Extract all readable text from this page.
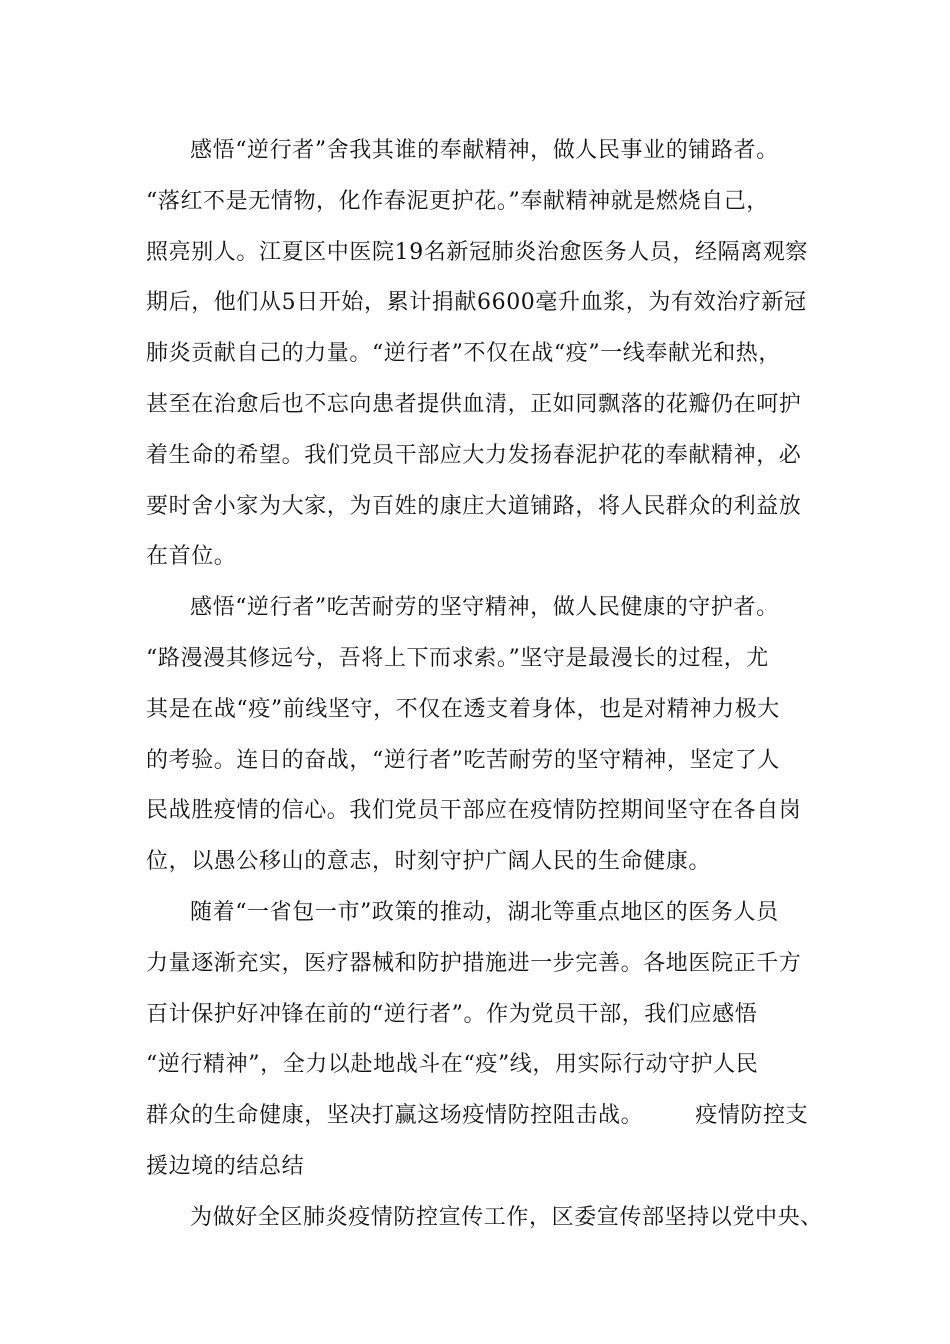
感悟“逆行者”舍我其谁的奉献精神，做人民事业的铺路者。
“落红不是无情物，化作春泥更护花。”奉献精神就是燃烧自己，
照亮别人。江夏区中医院19名新冠肺炎治愈医务人员，经隔离观察
期后，他们从5日开始，累计捐献6600毫升血浆，为有效治疗新冠
肺炎贡献自己的力量。“逆行者”不仅在战“疫”一线奉献光和热，
甚至在治愈后也不忘向患者提供血清，正如同飘落的花瓣仍在呵护
着生命的希望。我们党员干部应大力发扬春泥护花的奉献精神，必
要时舍小家为大家，为百姓的康庄大道铺路，将人民群众的利益放
在首位。
感悟“逆行者”吃苦耐劳的坚守精神，做人民健康的守护者。
“路漫漫其修远兮，吾将上下而求索。”坚守是最漫长的过程，尤
其是在战“疫”前线坚守，不仅在透支着身体，也是对精神力极大
的考验。连日的奋战，“逆行者”吃苦耐劳的坚守精神，坚定了人
民战胜疫情的信心。我们党员干部应在疫情防控期间坚守在各自岗
位，以愚公移山的意志，时刻守护广阔人民的生命健康。
随着“一省包一市”政策的推动，湖北等重点地区的医务人员
力量逐渐充实，医疗器械和防护措施进一步完善。各地医院正千方
百计保护好冲锋在前的“逆行者”。作为党员干部，我们应感悟
“逆行精神”，全力以赴地战斗在“疫”线，用实际行动守护人民
群众的生命健康，坚决打赢这场疫情防控阻击战。 疫情防控支
援边境的结总结
为做好全区肺炎疫情防控宣传工作，区委宣传部坚持以党中央、
